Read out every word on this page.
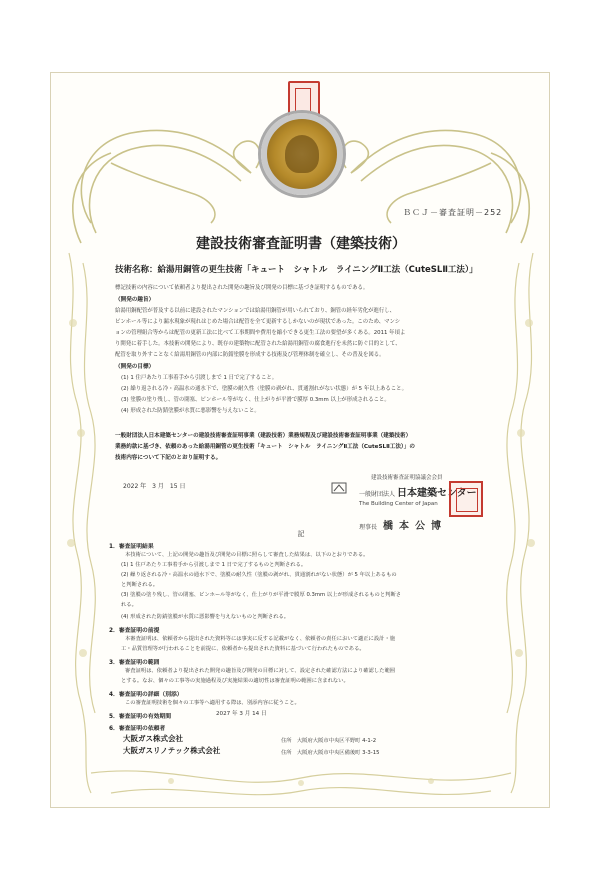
ＢＣＪ－審査証明－252
建設技術審査証明書（建築技術）
技術名称：給湯用銅管の更生技術「キュート　シャトル　ライニングⅡ工法（CuteSLⅡ工法）」
標記技術の内容について依頼者より提出された開発の趣旨及び開発の目標に基づき証明するものである。
（開発の趣旨）
給湯用銅配管が普及する以前に建設されたマンションでは給湯用銅管が用いられており、銅管の経年劣化が進行し、
ピンホール等により漏水現象が現れはじめた場合は配管を全て更新するしかないのが現状であった。このため、マンシ
ョンの管理組合等からは配管の更新工法に比べて工事期間や費用を縮小できる更生工法の要望が多くある。2011 年頃よ
り開発に着手した。本技術の開発により、既存の建築物に配管された給湯用銅管の腐食進行を未然に防ぐ目的として、
配管を取り外すことなく給湯用銅管の内部に防錆塗膜を形成する技術及び管理体制を確立し、その普及を図る。
（開発の目標）
(1) 1 住戸あたり工事着手から引渡しまで 1 日で完了すること。
(2) 繰り返される冷・高温水の通水下で、塗膜の耐久性（塗膜の剥がれ、貫通割れがない状態）が 5 年以上あること。
(3) 塗膜の塗り残し、管の閉塞、ピンホール等がなく、仕上がりが平滑で膜厚 0.3mm 以上が形成されること。
(4) 形成された防錆塗膜が水質に悪影響を与えないこと。
一般財団法人日本建築センターの建設技術審査証明事業（建設技術）業務規程及び建設技術審査証明事業（建築技術）
業務約款に基づき、依頼のあった給湯用銅管の更生技術「キュート　シャトル　ライニングⅡ工法（CuteSLⅡ工法）」の
技術内容について下記のとおり証明する。
2022 年　3 月　15 日
建設技術審査証明協議会会員
一般財団法人 日本建築センター
The Building Center of Japan
理事長 橋本公博
記
1．審査証明結果
本技術について、上記の開発の趣旨及び開発の目標に照らして審査した結果は、以下のとおりである。
(1) 1 住戸あたり工事着手から引渡しまで 1 日で完了するものと判断される。
(2) 繰り返される冷・高温水の通水下で、塗膜の耐久性（塗膜の剥がれ、貫通割れがない状態）が 5 年以上あるもの
と判断される。
(3) 塗膜の塗り残し、管の閉塞、ピンホール等がなく、仕上がりが平滑で膜厚 0.3mm 以上が形成されるものと判断さ
れる。
(4) 形成された防錆塗膜が水質に悪影響を与えないものと判断される。
2．審査証明の前提
本審査証明は、依頼者から提出された資料等には事実に反する記載がなく、依頼者の責任において適正に設計・施
工・品質管理等が行われることを前提に、依頼者から提出された資料に基づいて行われたものである。
3．審査証明の範囲
審査証明は、依頼者より提出された開発の趣旨及び開発の目標に対して、設定された確認方法により確認した範囲
とする。なお、個々の工事等の実施過程及び実施結果の適切性は審査証明の範囲に含まれない。
4．審査証明の詳細（別添）
この審査証明技術を個々の工事等へ適用する際は、別添内容に従うこと。
5．審査証明の有効期間	2027 年 3 月 14 日
6．審査証明の依頼者
大阪ガス株式会社	住所　大阪府大阪市中央区平野町 4-1-2
大阪ガスリノテック株式会社	住所　大阪府大阪市中央区備後町 3-3-15
